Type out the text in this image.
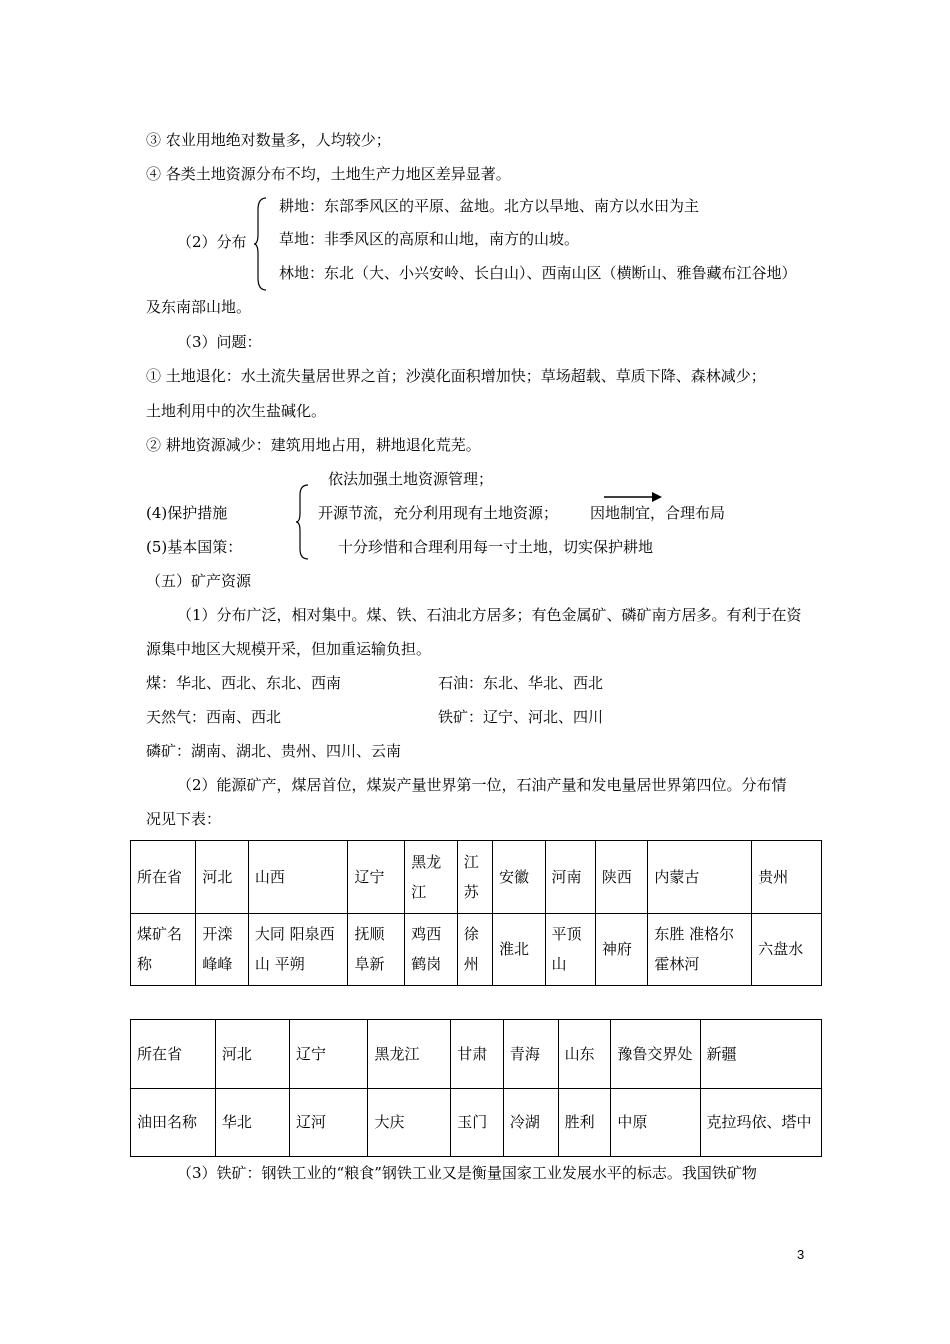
③ 农业用地绝对数量多，人均较少；
④ 各类土地资源分布不均，土地生产力地区差异显著。
（2）分布
耕地：东部季风区的平原、盆地。北方以旱地、南方以水田为主
草地：非季风区的高原和山地，南方的山坡。
林地：东北（大、小兴安岭、长白山）、西南山区（横断山、雅鲁藏布江谷地）
及东南部山地。
（3）问题：
① 土地退化：水土流失量居世界之首；沙漠化面积增加快；草场超载、草质下降、森林减少；
土地利用中的次生盐碱化。
② 耕地资源减少：建筑用地占用，耕地退化荒芜。
依法加强土地资源管理；
(4)保护措施	开源节流，充分利用现有土地资源； 因地制宜，合理布局
(5)基本国策：	十分珍惜和合理利用每一寸土地，切实保护耕地
（五）矿产资源
（1）分布广泛，相对集中。煤、铁、石油北方居多；有色金属矿、磷矿南方居多。有利于在资
源集中地区大规模开采，但加重运输负担。
煤：华北、西北、东北、西南	石油：东北、华北、西北
天然气：西南、西北	铁矿：辽宁、河北、四川
磷矿：湖南、湖北、贵州、四川、云南
（2）能源矿产，煤居首位，煤炭产量世界第一位，石油产量和发电量居世界第四位。分布情
况见下表：
所在省	河北	山西	辽宁	黑龙江	江苏	安徽	河南	陕西	内蒙古	贵州
煤矿名称	开滦峰峰	大同 阳泉西山 平朔	抚顺阜新	鸡西鹤岗	徐州	淮北	平顶山	神府	东胜 准格尔 霍林河	六盘水
所在省	河北	辽宁	黑龙江	甘肃	青海	山东	豫鲁交界处	新疆
油田名称	华北	辽河	大庆	玉门	冷湖	胜利	中原	克拉玛依、塔中
（3）铁矿：钢铁工业的“粮食”钢铁工业又是衡量国家工业发展水平的标志。我国铁矿物
3
